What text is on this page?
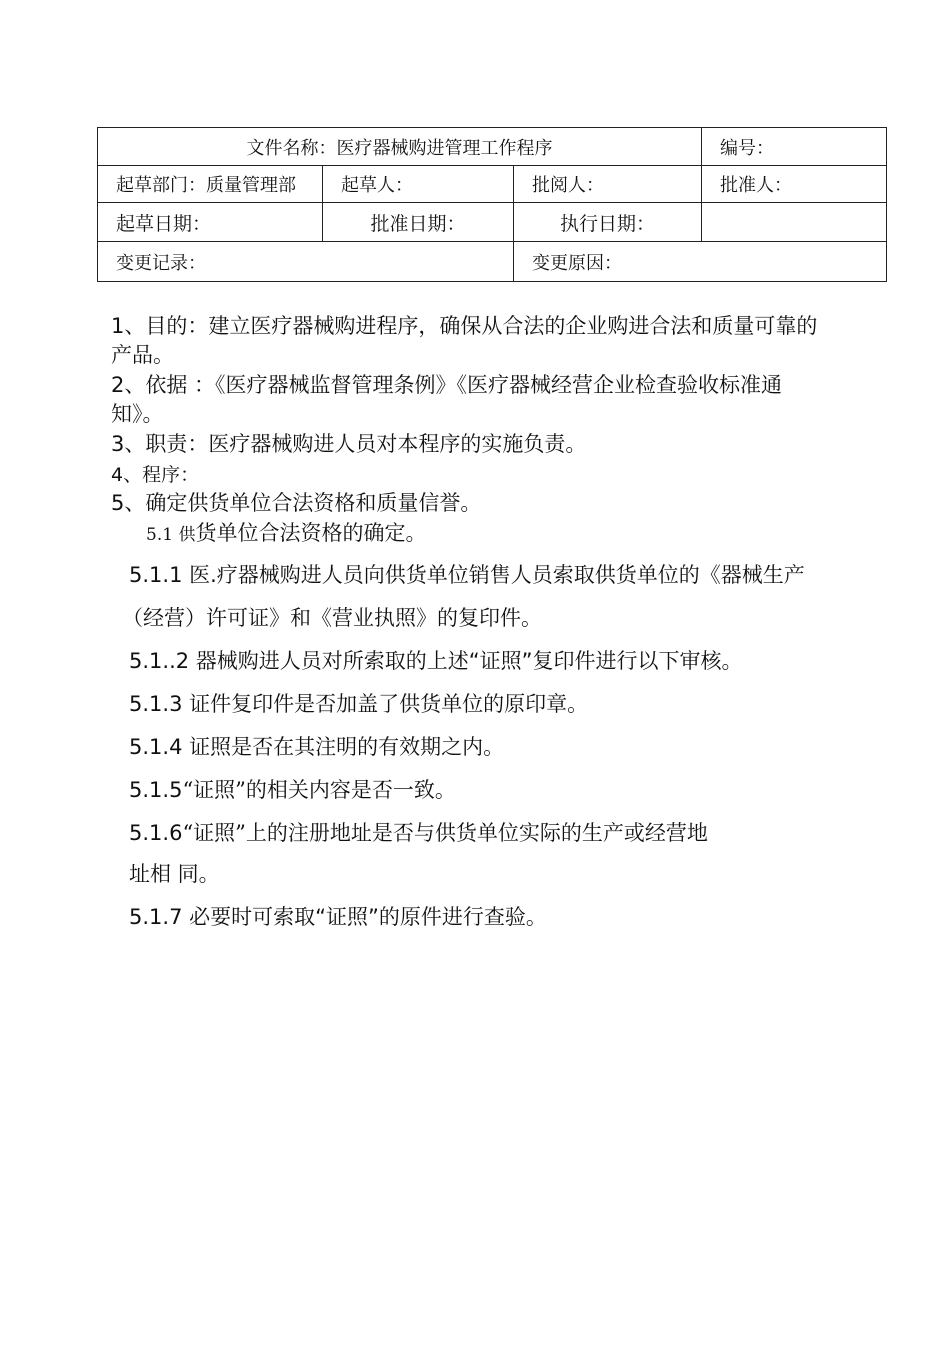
文件名称：医疗器械购进管理工作程序			编号：
起草部门：质量管理部	起草人：	批阅人：	批准人：
起草日期：	批准日期：	执行日期：	
变更记录：		变更原因：	
1、目的：建立医疗器械购进程序，确保从合法的企业购进合法和质量可靠的
产品。
2、依据 ：《医疗器械监督管理条例》《医疗器械经营企业检查验收标准通
知》。
3、职责：医疗器械购进人员对本程序的实施负责。
4、程序：
5、确定供货单位合法资格和质量信誉。
5.1 供货单位合法资格的确定。
5.1.1 医.疗器械购进人员向供货单位销售人员索取供货单位的《器械生产
（经营）许可证》和《营业执照》的复印件。
5.1..2 器械购进人员对所索取的上述“证照”复印件进行以下审核。
5.1.3 证件复印件是否加盖了供货单位的原印章。
5.1.4 证照是否在其注明的有效期之内。
5.1.5“证照”的相关内容是否一致。
5.1.6“证照”上的注册地址是否与供货单位实际的生产或经营地
址相 同。
5.1.7 必要时可索取“证照”的原件进行查验。
